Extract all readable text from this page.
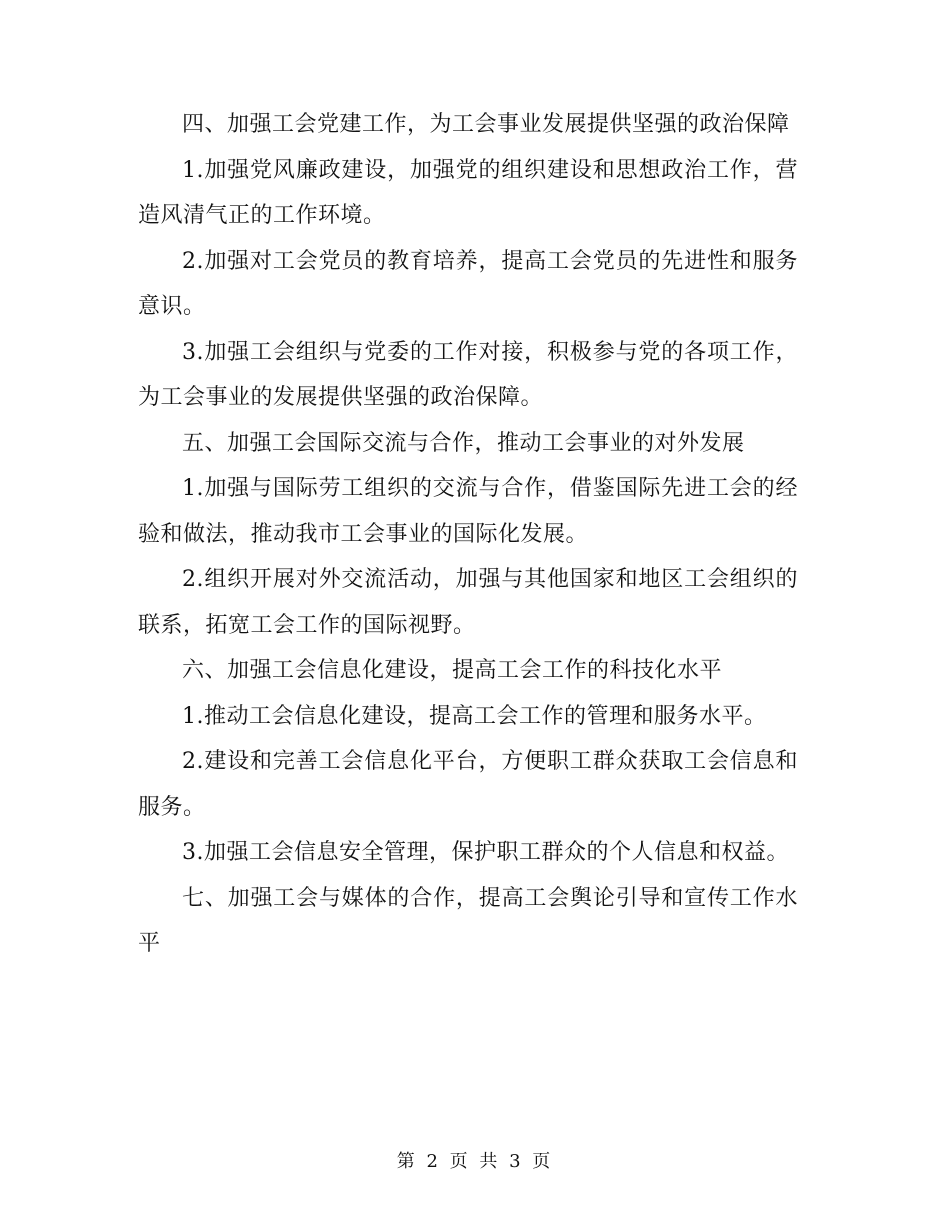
四、加强工会党建工作，为工会事业发展提供坚强的政治保障

1.加强党风廉政建设，加强党的组织建设和思想政治工作，营造风清气正的工作环境。

2.加强对工会党员的教育培养，提高工会党员的先进性和服务意识。

3.加强工会组织与党委的工作对接，积极参与党的各项工作，为工会事业的发展提供坚强的政治保障。

五、加强工会国际交流与合作，推动工会事业的对外发展

1.加强与国际劳工组织的交流与合作，借鉴国际先进工会的经验和做法，推动我市工会事业的国际化发展。

2.组织开展对外交流活动，加强与其他国家和地区工会组织的联系，拓宽工会工作的国际视野。

六、加强工会信息化建设，提高工会工作的科技化水平

1.推动工会信息化建设，提高工会工作的管理和服务水平。

2.建设和完善工会信息化平台，方便职工群众获取工会信息和服务。

3.加强工会信息安全管理，保护职工群众的个人信息和权益。

七、加强工会与媒体的合作，提高工会舆论引导和宣传工作水平

第 2 页 共 3 页
